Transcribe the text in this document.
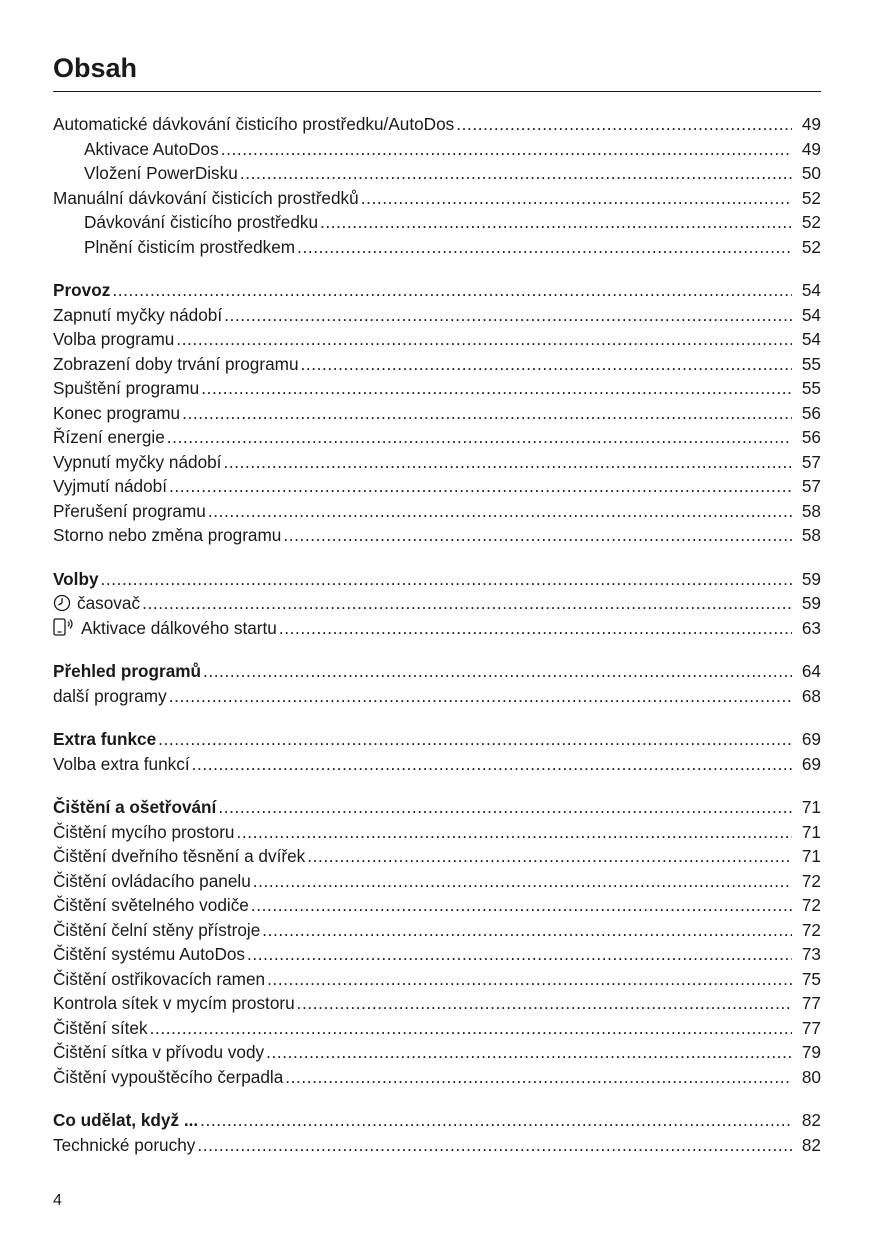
Obsah
Automatické dávkování čisticího prostředku/AutoDos .....	49
Aktivace AutoDos .....	49
Vložení PowerDisku .....	50
Manuální dávkování čisticích prostředků .....	52
Dávkování čisticího prostředku .....	52
Plnění čisticím prostředkem .....	52
Provoz .....	54
Zapnutí myčky nádobí .....	54
Volba programu .....	54
Zobrazení doby trvání programu .....	55
Spuštění programu .....	55
Konec programu .....	56
Řízení energie .....	56
Vypnutí myčky nádobí .....	57
Vyjmutí nádobí .....	57
Přerušení programu .....	58
Storno nebo změna programu .....	58
Volby .....	59
časovač .....	59
Aktivace dálkového startu .....	63
Přehled programů .....	64
další programy .....	68
Extra funkce .....	69
Volba extra funkcí .....	69
Čištění a ošetřování .....	71
Čištění mycího prostoru .....	71
Čištění dveřního těsnění a dvířek .....	71
Čištění ovládacího panelu .....	72
Čištění světelného vodiče .....	72
Čištění čelní stěny přístroje .....	72
Čištění systému AutoDos .....	73
Čištění ostřikovacích ramen .....	75
Kontrola sítek v mycím prostoru .....	77
Čištění sítek .....	77
Čištění sítka v přívodu vody .....	79
Čištění vypouštěcího čerpadla .....	80
Co udělat, když ... .....	82
Technické poruchy .....	82
4
